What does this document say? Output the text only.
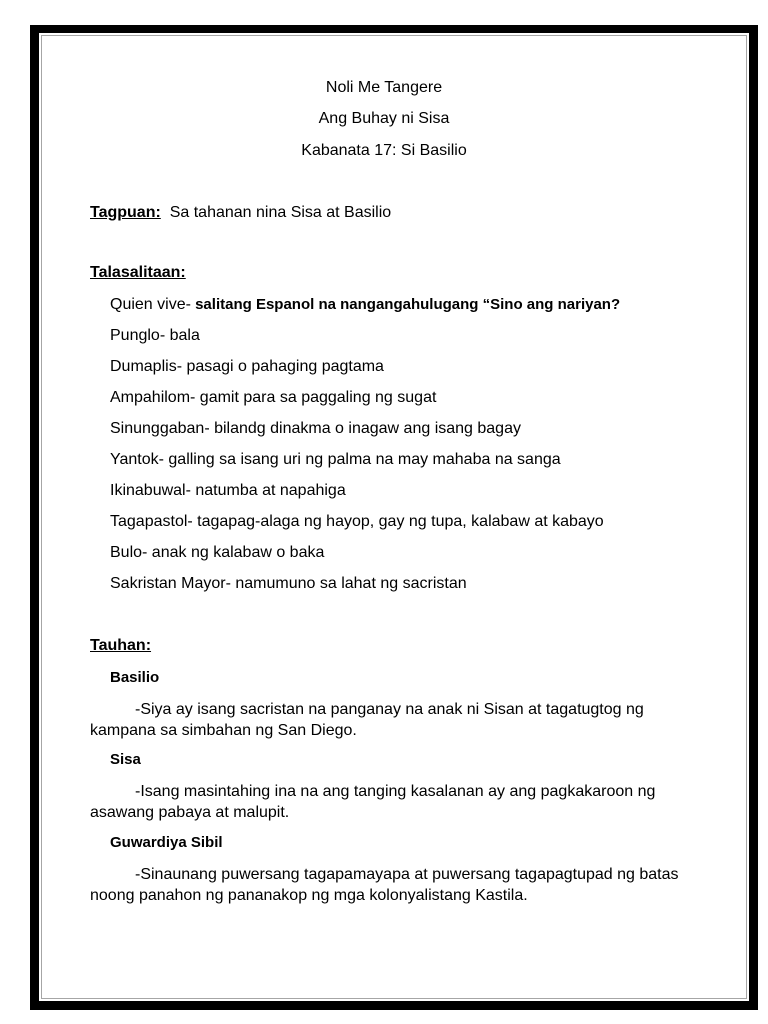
Noli Me Tangere
Ang Buhay ni Sisa
Kabanata 17: Si Basilio
Tagpuan: Sa tahanan nina Sisa at Basilio
Talasalitaan:
Quien vive- salitang Espanol na nangangahulugang “Sino ang nariyan?
Punglo- bala
Dumaplis- pasagi o pahaging pagtama
Ampahilom- gamit para sa paggaling ng sugat
Sinunggaban- bilandg dinakma o inagaw ang isang bagay
Yantok- galling sa isang uri ng palma na may mahaba na sanga
Ikinabuwal- natumba at napahiga
Tagapastol- tagapag-alaga ng hayop, gay ng tupa, kalabaw at kabayo
Bulo- anak ng kalabaw o baka
Sakristan Mayor- namumuno sa lahat ng sacristan
Tauhan:
Basilio
-Siya ay isang sacristan na panganay na anak ni Sisan at tagatugtog ng kampana sa simbahan ng San Diego.
Sisa
-Isang masintahing ina na ang tanging kasalanan ay ang pagkakaroon ng asawang pabaya at malupit.
Guwardiya Sibil
-Sinaunang puwersang tagapamayapa at puwersang tagapagtupad ng batas noong panahon ng pananakop ng mga kolonyalistang Kastila.
